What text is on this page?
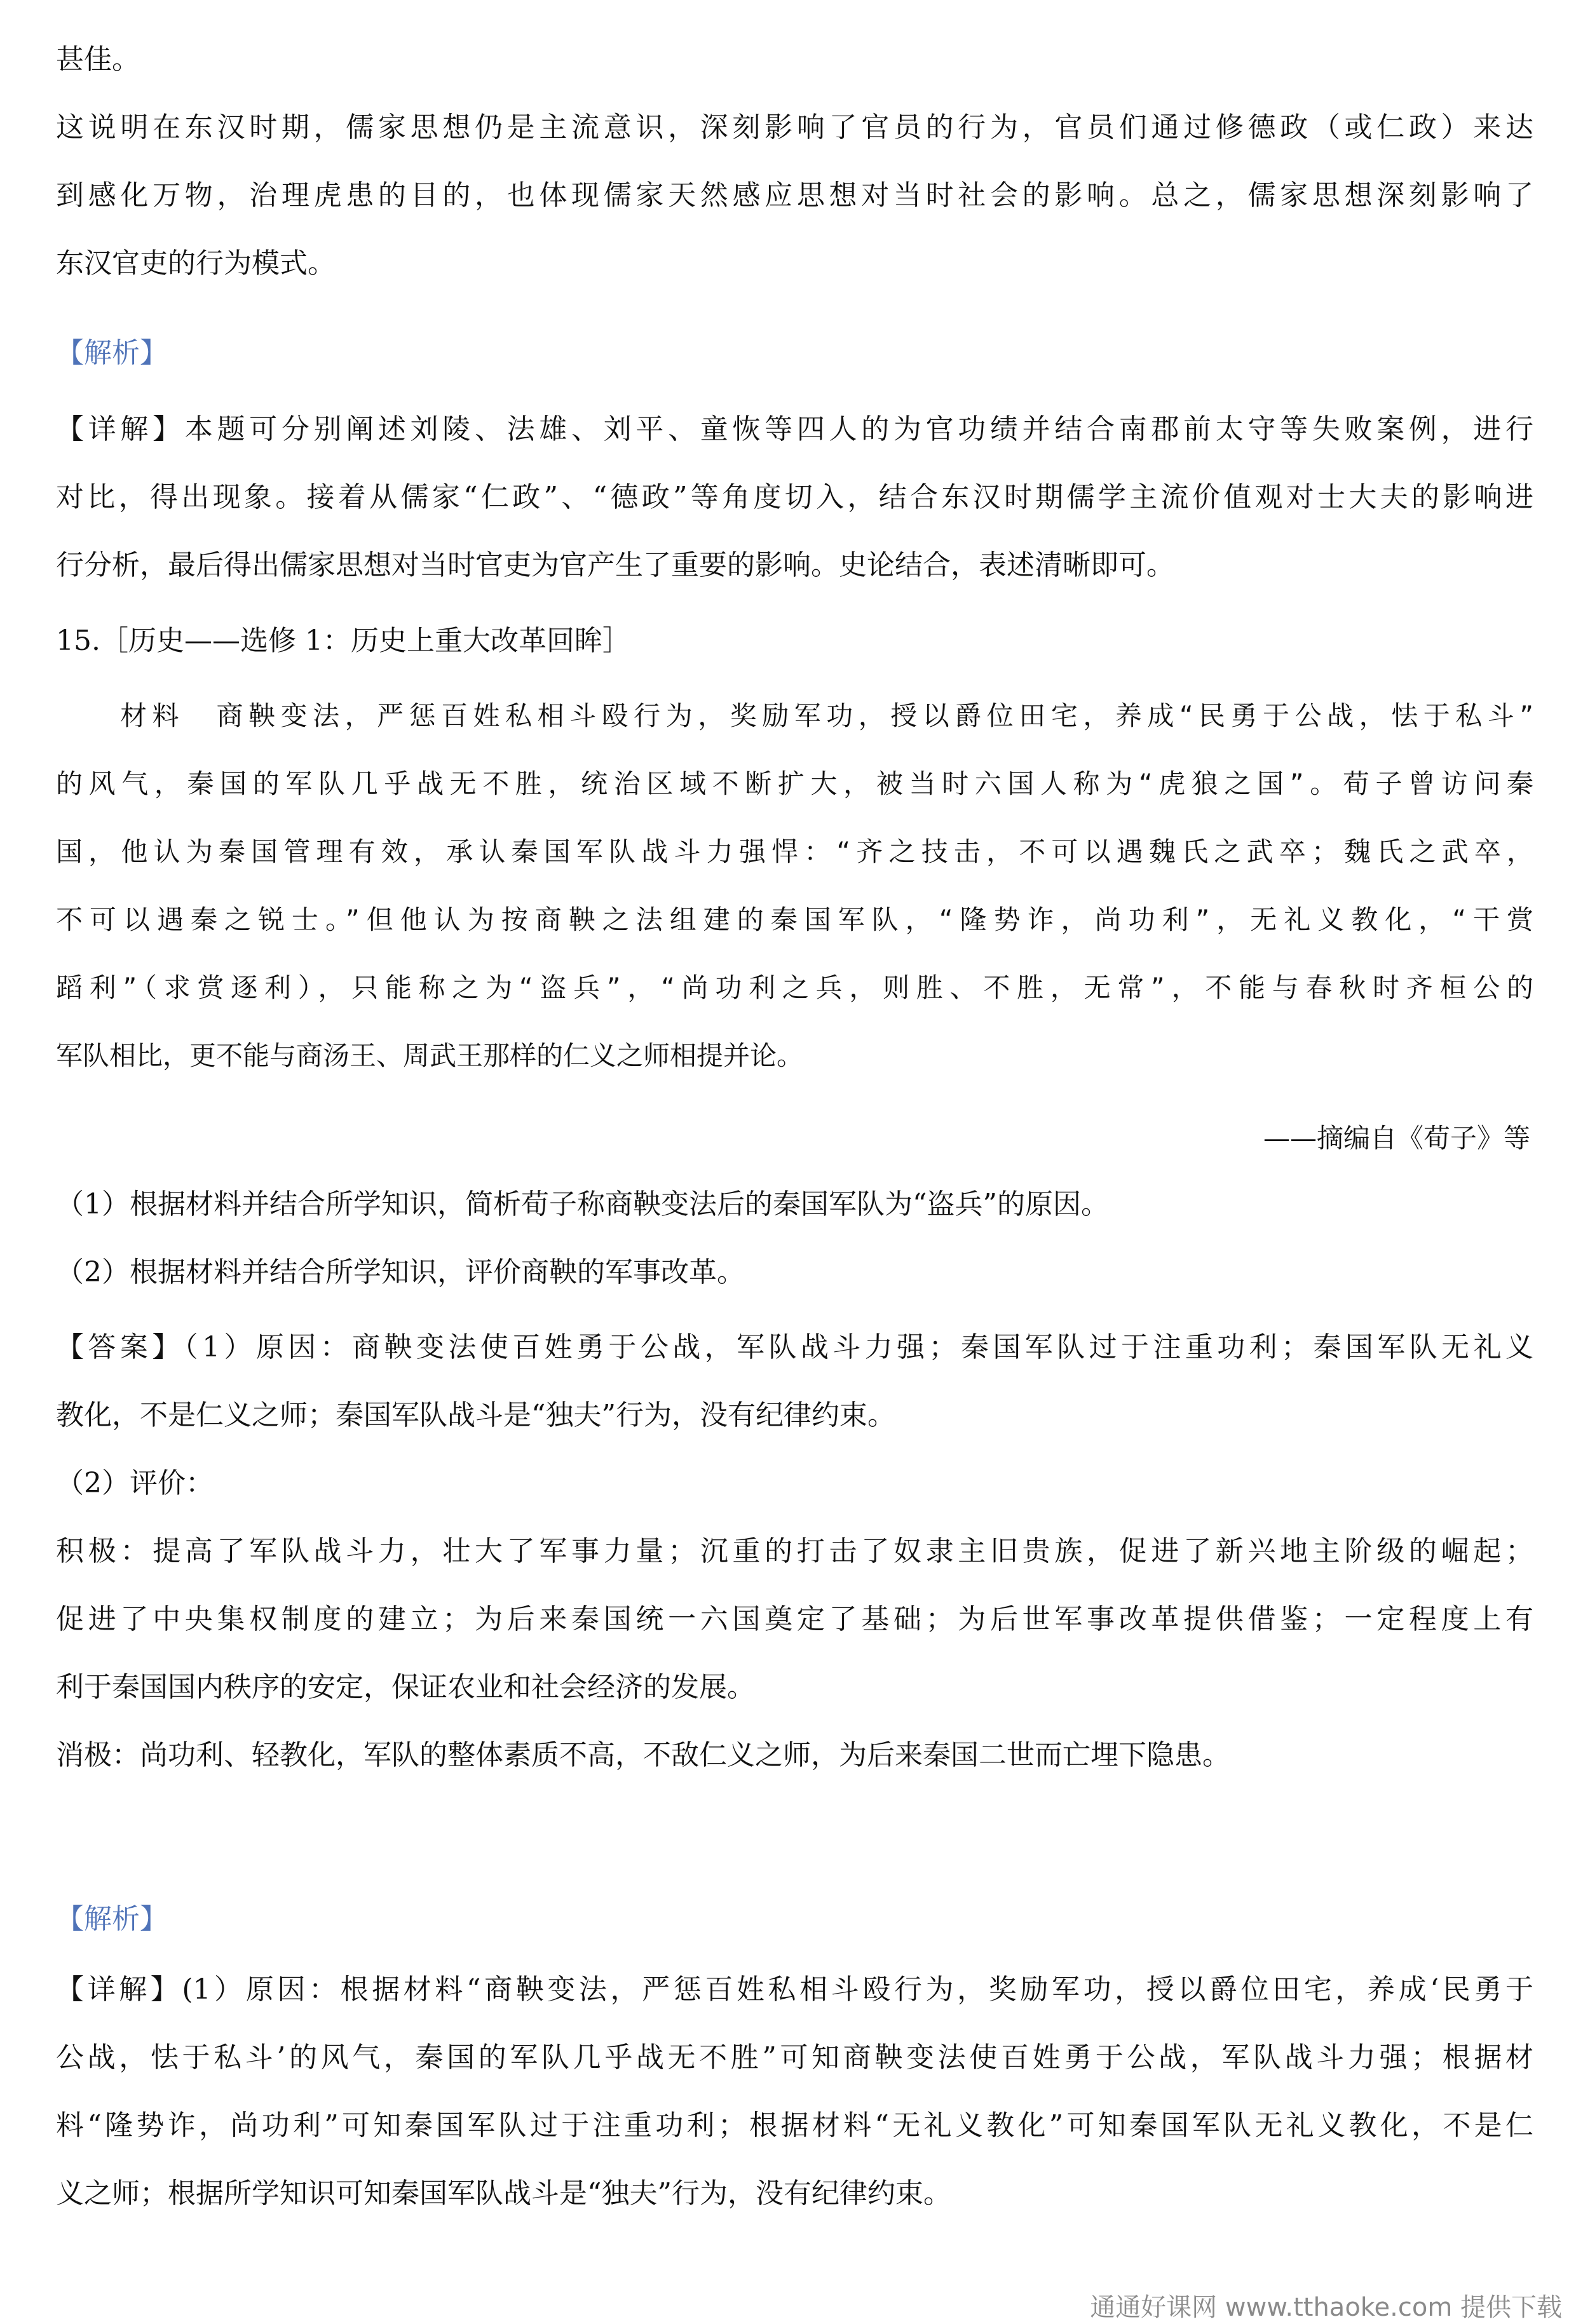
甚佳。
这说明在东汉时期，儒家思想仍是主流意识，深刻影响了官员的行为，官员们通过修德政（或仁政）来达
到感化万物，治理虎患的目的，也体现儒家天然感应思想对当时社会的影响。总之，儒家思想深刻影响了
东汉官吏的行为模式。
【解析】
【详解】本题可分别阐述刘陵、法雄、刘平、童恢等四人的为官功绩并结合南郡前太守等失败案例，进行
对比，得出现象。接着从儒家“仁政”、“德政”等角度切入，结合东汉时期儒学主流价值观对士大夫的影响进
行分析，最后得出儒家思想对当时官吏为官产生了重要的影响。史论结合，表述清晰即可。
15.［历史——选修 1：历史上重大改革回眸］
　　材料　商鞅变法，严惩百姓私相斗殴行为，奖励军功，授以爵位田宅，养成“民勇于公战，怯于私斗”
的风气，秦国的军队几乎战无不胜，统治区域不断扩大，被当时六国人称为“虎狼之国”。荀子曾访问秦
国，他认为秦国管理有效，承认秦国军队战斗力强悍：“齐之技击，不可以遇魏氏之武卒；魏氏之武卒，
不可以遇秦之锐士。”但他认为按商鞅之法组建的秦国军队，“隆势诈，尚功利”，无礼义教化，“干赏
蹈利”（求赏逐利），只能称之为“盗兵”，“尚功利之兵，则胜、不胜，无常”，不能与春秋时齐桓公的
军队相比，更不能与商汤王、周武王那样的仁义之师相提并论。
（1）根据材料并结合所学知识，简析荀子称商鞅变法后的秦国军队为“盗兵”的原因。
（2）根据材料并结合所学知识，评价商鞅的军事改革。
【答案】（1）原因：商鞅变法使百姓勇于公战，军队战斗力强；秦国军队过于注重功利；秦国军队无礼义
教化，不是仁义之师；秦国军队战斗是“独夫”行为，没有纪律约束。
（2）评价：
积极：提高了军队战斗力，壮大了军事力量；沉重的打击了奴隶主旧贵族，促进了新兴地主阶级的崛起；
促进了中央集权制度的建立；为后来秦国统一六国奠定了基础；为后世军事改革提供借鉴；一定程度上有
利于秦国国内秩序的安定，保证农业和社会经济的发展。
消极：尚功利、轻教化，军队的整体素质不高，不敌仁义之师，为后来秦国二世而亡埋下隐患。
【解析】
【详解】(1）原因：根据材料“商鞅变法，严惩百姓私相斗殴行为，奖励军功，授以爵位田宅，养成‘民勇于
公战，怯于私斗’的风气，秦国的军队几乎战无不胜”可知商鞅变法使百姓勇于公战，军队战斗力强；根据材
料“隆势诈，尚功利”可知秦国军队过于注重功利；根据材料“无礼义教化”可知秦国军队无礼义教化，不是仁
义之师；根据所学知识可知秦国军队战斗是“独夫”行为，没有纪律约束。
——摘编自《荀子》等
通通好课网 www.tthaoke.com 提供下载
